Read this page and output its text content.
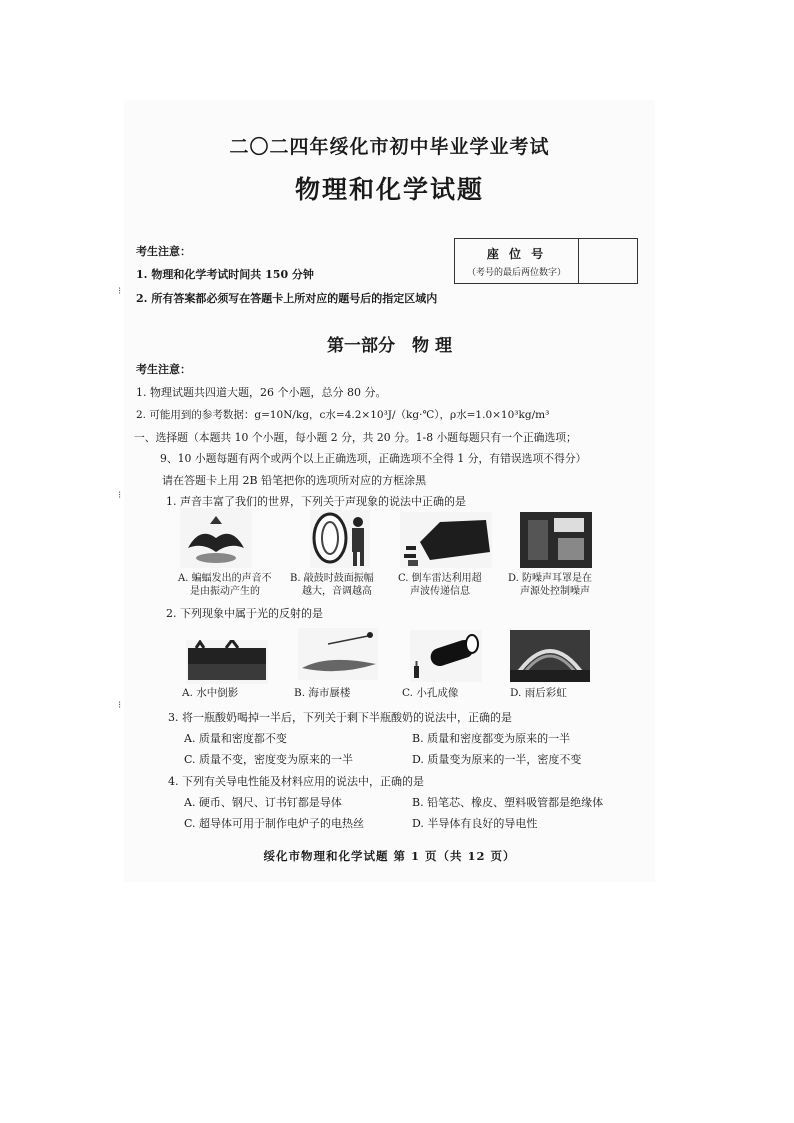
⁝
⁝
⁝
二〇二四年绥化市初中毕业学业考试
物理和化学试题
考生注意：
1. 物理和化学考试时间共 150 分钟
2. 所有答案都必须写在答题卡上所对应的题号后的指定区域内
座 位 号
（考号的最后两位数字）
第一部分　物 理
考生注意：
1. 物理试题共四道大题，26 个小题，总分 80 分。
2. 可能用到的参考数据：g=10N/kg，c水=4.2×10³J/（kg·℃），ρ水=1.0×10³kg/m³
一、选择题（本题共 10 个小题，每小题 2 分，共 20 分。1-8 小题每题只有一个正确选项；
9、10 小题每题有两个或两个以上正确选项，正确选项不全得 1 分，有错误选项不得分）
请在答题卡上用 2B 铅笔把你的选项所对应的方框涂黑
1. 声音丰富了我们的世界，下列关于声现象的说法中正确的是
A. 蝙蝠发出的声音不
是由振动产生的
B. 敲鼓时鼓面振幅
越大，音调越高
C. 倒车雷达利用超
声波传递信息
D. 防噪声耳罩是在
声源处控制噪声
2. 下列现象中属于光的反射的是
A. 水中倒影	B. 海市蜃楼	C. 小孔成像	D. 雨后彩虹
3. 将一瓶酸奶喝掉一半后，下列关于剩下半瓶酸奶的说法中，正确的是
A. 质量和密度都不变	B. 质量和密度都变为原来的一半
C. 质量不变，密度变为原来的一半	D. 质量变为原来的一半，密度不变
4. 下列有关导电性能及材料应用的说法中，正确的是
A. 硬币、钢尺、订书钉都是导体	B. 铅笔芯、橡皮、塑料吸管都是绝缘体
C. 超导体可用于制作电炉子的电热丝	D. 半导体有良好的导电性
绥化市物理和化学试题 第 1 页（共 12 页）
